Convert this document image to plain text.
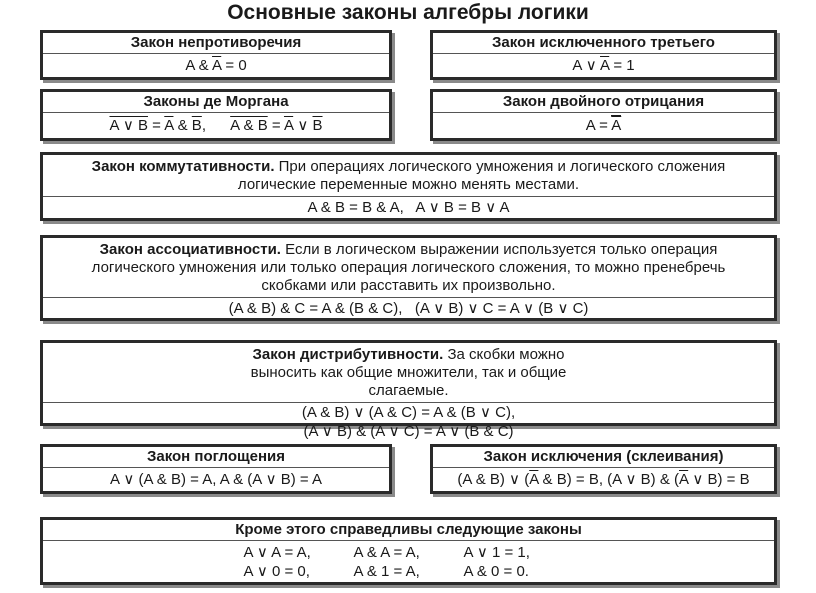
Основные законы алгебры логики
Закон непротиворечия
A & $\overline{A} = 0$
Закон исключенного третьего
A ∨ $\overline{A} = 1$
Законы де Моргана
A ∨ $B = \overline{A}$ & $\overline{B}$,      A & $B = \overline{A}$ ∨ $\overline{B}$
Закон двойного отрицания
$A = \overline{A}$
Закон коммутативности. При операциях логического умножения и логического сложения логические переменные можно менять местами.
A & B = B & A,   A ∨ B = B ∨ A
Закон ассоциативности. Если в логическом выражении используется только операция логического умножения или только операция логического сложения, то можно пренебречь скобками или расставить их произвольно.
(A & B) & C = A & (B & C),   (A ∨ B) ∨ C = A ∨ (B ∨ C)
Закон дистрибутивности. За скобки можно выносить как общие множители, так и общие слагаемые.
(A & B) ∨ (A & C) = A & (B ∨ C),
(A ∨ B) & (A ∨ C) = A ∨ (B & C)
Закон поглощения
A ∨ (A & B) = A, A & (A ∨ B) = A
Закон исключения (склеивания)
(A & B) ∨ ($\overline{A}$ & B) = B, (A ∨ B) & ($\overline{A}$ ∨ B) = B
Кроме этого справедливы следующие законы
A ∨ A = A,	A & A = A,	A ∨ 1 = 1,
A ∨ 0 = 0,	A & 1 = A,	A & 0 = 0.
